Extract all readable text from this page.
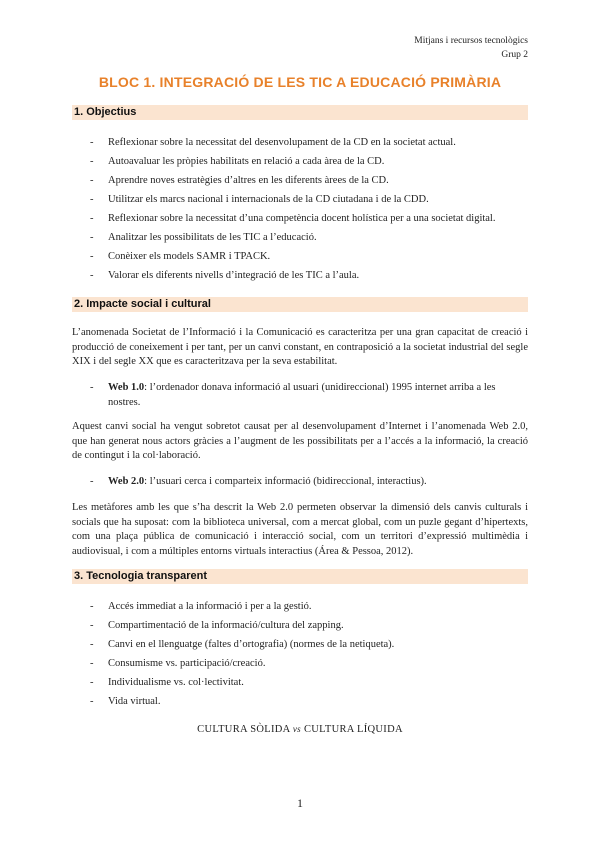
Mitjans i recursos tecnològics
Grup 2
BLOC 1. INTEGRACIÓ DE LES TIC A EDUCACIÓ PRIMÀRIA
1. Objectius
- Reflexionar sobre la necessitat del desenvolupament de la CD en la societat actual.
- Autoavaluar les pròpies habilitats en relació a cada àrea de la CD.
- Aprendre noves estratègies d’altres en les diferents àrees de la CD.
- Utilitzar els marcs nacional i internacionals de la CD ciutadana i de la CDD.
- Reflexionar sobre la necessitat d’una competència docent holística per a una societat digital.
- Analitzar les possibilitats de les TIC a l’educació.
- Conèixer els models SAMR i TPACK.
- Valorar els diferents nivells d’integració de les TIC a l’aula.
2. Impacte social i cultural

L’anomenada Societat de l’Informació i la Comunicació es caracteritza per una gran capacitat de creació i producció de coneixement i per tant, per un canvi constant, en contraposició a la societat industrial del segle XIX i del segle XX que es caracteritzava per la seva estabilitat.

- Web 1.0: l’ordenador donava informació al usuari (unidireccional) 1995 internet arriba a les nostres.

Aquest canvi social ha vengut sobretot causat per al desenvolupament d’Internet i l’anomenada Web 2.0, que han generat nous actors gràcies a l’augment de les possibilitats per a l’accés a la informació, la creació de contingut i la col·laboració.

- Web 2.0: l’usuari cerca i comparteix informació (bidireccional, interactius).

Les metàfores amb les que s’ha descrit la Web 2.0 permeten observar la dimensió dels canvis culturals i socials que ha suposat: com la biblioteca universal, com a mercat global, com un puzle gegant d’hipertexts, com una plaça pública de comunicació i interacció social, com un territori d’expressió multimèdia i audiovisual, i com a múltiples entorns virtuals interactius (Área & Pessoa, 2012).

3. Tecnologia transparent
- Accés immediat a la informació i per a la gestió.
- Compartimentació de la informació/cultura del zapping.
- Canvi en el llenguatge (faltes d’ortografia) (normes de la netiqueta).
- Consumisme vs. participació/creació.
- Individualisme vs. col·lectivitat.
- Vida virtual.
CULTURA SÒLIDA vs CULTURA LÍQUIDA
1
